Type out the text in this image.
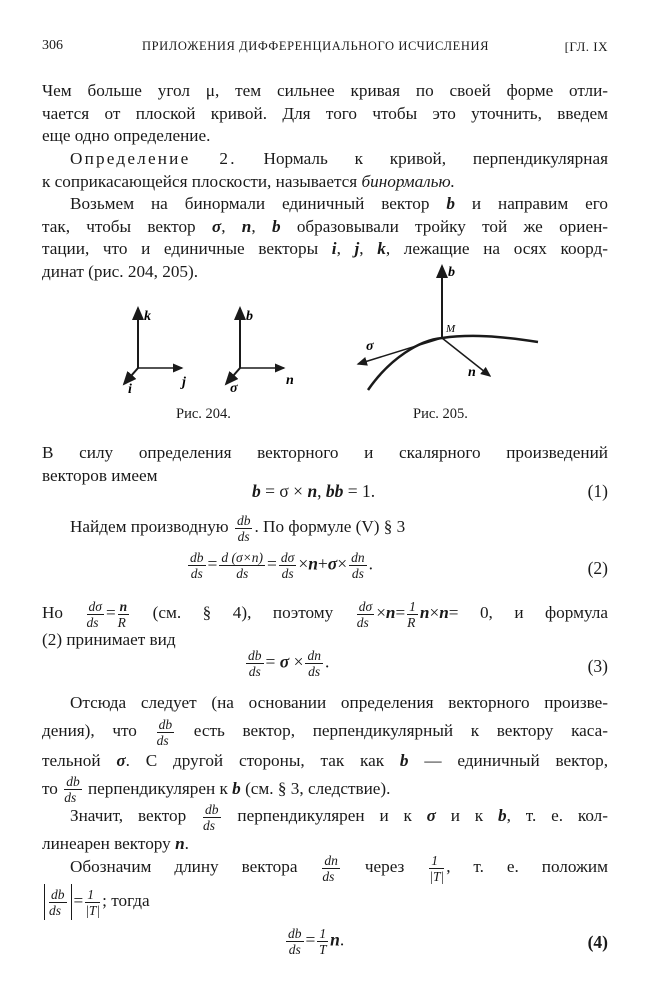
306	ПРИЛОЖЕНИЯ ДИФФЕРЕНЦИАЛЬНОГО ИСЧИСЛЕНИЯ	[ГЛ. IX
Чем больше угол μ, тем сильнее кривая по своей форме отли-
чается от плоской кривой. Для того чтобы это уточнить, введем
еще одно определение.
Определение 2. Нормаль к кривой, перпендикулярная
к соприкасающейся плоскости, называется бинормалью.
Возьмем на бинормали единичный вектор b и направим его
так, чтобы вектор σ, n, b образовывали тройку той же ориен-
тации, что и единичные векторы i, j, k, лежащие на осях коорд-
динат (рис. 204, 205).
k
j
i
b
n
σ
Рис. 204.
b
M
σ
n
Рис. 205.
В силу определения векторного и скалярного произведений
векторов имеем
b = σ × n, bb = 1.	(1)
Найдем производную $\frac{db}{ds}$ . По формуле (V) § 3
$\frac{db}{ds} = \frac{d (\sigma\times n)}{ds} = \frac{d\sigma}{ds} \times n+\sigma\times \frac{dn}{ds}$ .	(2)
Но $\frac{d\sigma}{ds} = \frac{n}{R} (см$. § 4), поэтому $\frac{d\sigma}{ds} \times n= \frac{1}{R} n\times n= 0$, и формула
(2) принимает вид
$\frac{db}{ds} = \sigma \times \frac{dn}{ds}$ .	(3)
Отсюда следует (на основании определения векторного произве-
дения), что $\frac{db}{ds}$ есть вектор, перпендикулярный к вектору каса-
тельной σ. С другой стороны, так как b — единичный вектор,
то $\frac{db}{ds}$ перпендикулярен к b (см. § 3, следствие).
Значит, вектор $\frac{db}{ds}$ перпендикулярен и к σ и к b, т. е. кол-
линеарен вектору n.
Обозначим длину вектора $\frac{dn}{ds}$ через $\frac{1}{|T|}$ , т. е. положим
$\frac{db}{ds} = \frac{1}{|T|}$ ; тогда
$\frac{db}{ds} = \frac{1}{T} n$.	(4)
